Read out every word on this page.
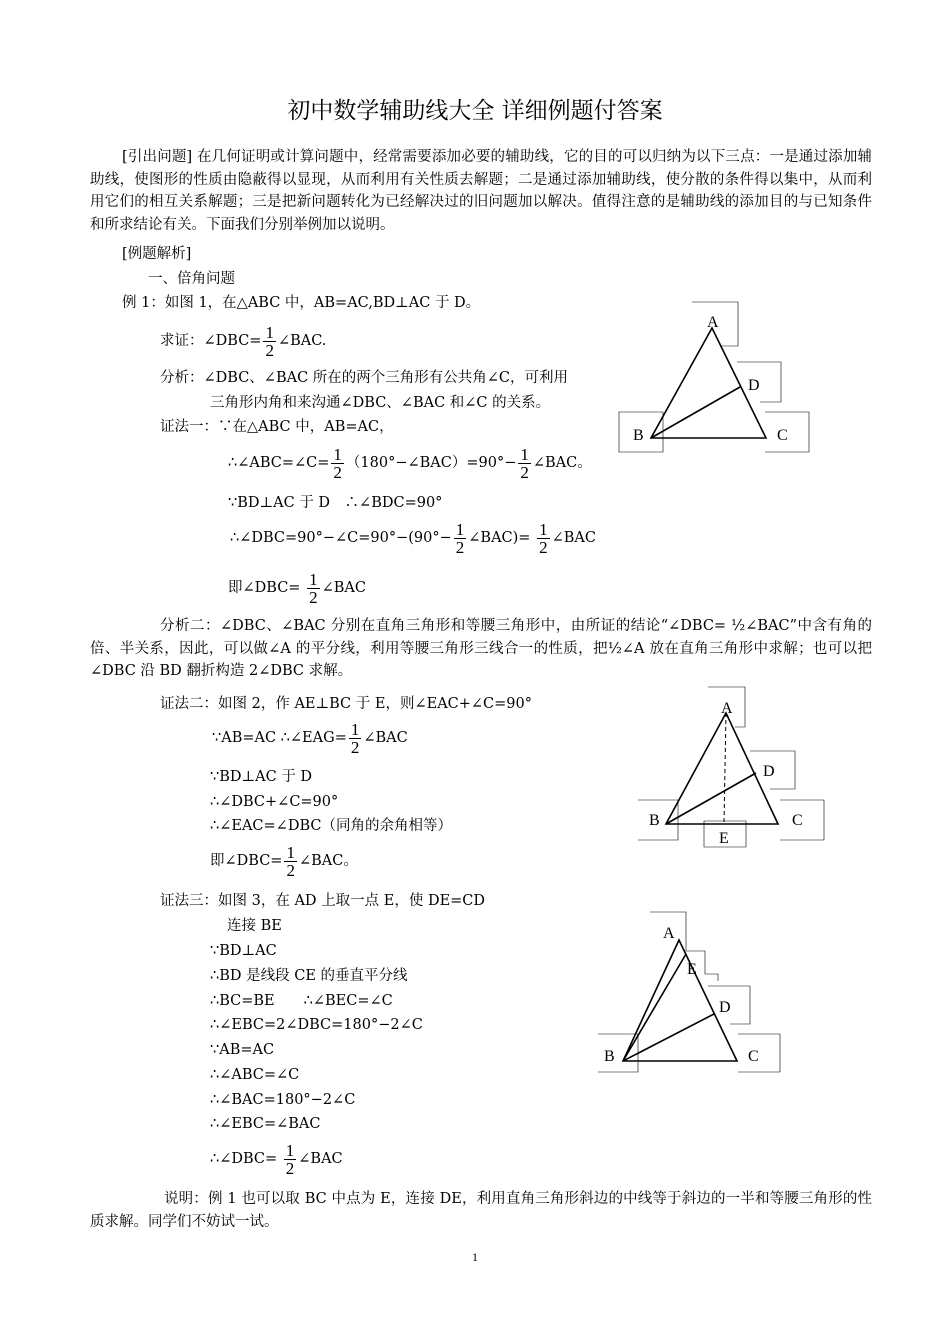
初中数学辅助线大全 详细例题付答案
[引出问题] 在几何证明或计算问题中，经常需要添加必要的辅助线，它的目的可以归纳为以下三点：一是通过添加辅助线，使图形的性质由隐蔽得以显现，从而利用有关性质去解题；二是通过添加辅助线，使分散的条件得以集中，从而利用它们的相互关系解题；三是把新问题转化为已经解决过的旧问题加以解决。值得注意的是辅助线的添加目的与已知条件和所求结论有关。下面我们分别举例加以说明。
[例题解析]
一、倍角问题
例 1：如图 1，在△ABC 中，AB=AC,BD⊥AC 于 D。
求证：∠DBC= $\frac{1}{2}$ ∠BAC.
分析：∠DBC、∠BAC 所在的两个三角形有公共角∠C，可利用
三角形内角和来沟通∠DBC、∠BAC 和∠C 的关系。
证法一：∵在△ABC 中，AB=AC，
∴∠ABC=∠C= $\frac{1}{2}$ （180°−∠BAC）=90°− $\frac{1}{2}$ ∠BAC。
∵BD⊥AC 于 D　∴∠BDC=90°
∴∠DBC=90°−∠C=90°−(90°− $\frac{1}{2}$ ∠BAC)= $\frac{1}{2}$ ∠BAC
即∠DBC= $\frac{1}{2}$ ∠BAC
分析二：∠DBC、∠BAC 分别在直角三角形和等腰三角形中，由所证的结论“∠DBC= ½∠BAC”中含有角的倍、半关系，因此，可以做∠A 的平分线，利用等腰三角形三线合一的性质，把½∠A 放在直角三角形中求解；也可以把∠DBC 沿 BD 翻折构造 2∠DBC 求解。
证法二：如图 2，作 AE⊥BC 于 E，则∠EAC+∠C=90°
∵AB=AC ∴∠EAG= $\frac{1}{2}$ ∠BAC
∵BD⊥AC 于 D
∴∠DBC+∠C=90°
∴∠EAC=∠DBC（同角的余角相等）
即∠DBC= $\frac{1}{2}$ ∠BAC。
证法三：如图 3，在 AD 上取一点 E，使 DE=CD
连接 BE
∵BD⊥AC
∴BD 是线段 CE 的垂直平分线
∴BC=BE　　∴∠BEC=∠C
∴∠EBC=2∠DBC=180°−2∠C
∵AB=AC
∴∠ABC=∠C
∴∠BAC=180°−2∠C
∴∠EBC=∠BAC
∴∠DBC= $\frac{1}{2}$ ∠BAC
说明：例 1 也可以取 BC 中点为 E，连接 DE，利用直角三角形斜边的中线等于斜边的一半和等腰三角形的性质求解。同学们不妨试一试。
A
D
B	C
A
D
B	C
E
A
E
D
B	C
1
